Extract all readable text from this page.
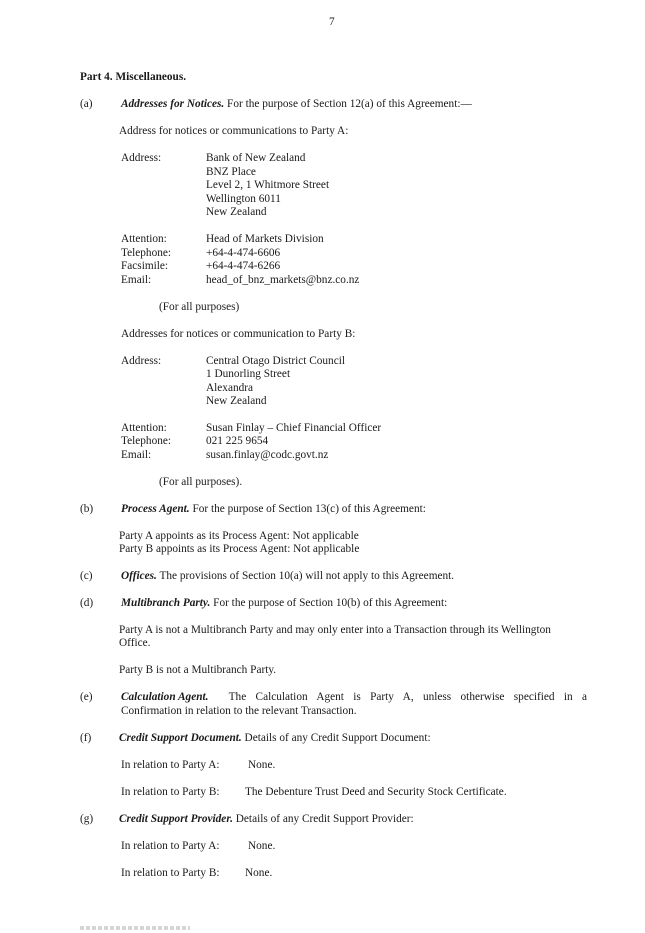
7
Part 4. Miscellaneous.
(a)	Addresses for Notices. For the purpose of Section 12(a) of this Agreement:—
Address for notices or communications to Party A:
Address:	Bank of New Zealand
BNZ Place
Level 2, 1 Whitmore Street
Wellington 6011
New Zealand
Attention:	Head of Markets Division
Telephone:	+64-4-474-6606
Facsimile:	+64-4-474-6266
Email:	head_of_bnz_markets@bnz.co.nz
(For all purposes)
Addresses for notices or communication to Party B:
Address:	Central Otago District Council
1 Dunorling Street
Alexandra
New Zealand
Attention:	Susan Finlay – Chief Financial Officer
Telephone:	021 225 9654
Email:	susan.finlay@codc.govt.nz
(For all purposes).
(b) Process Agent. For the purpose of Section 13(c) of this Agreement:
Party A appoints as its Process Agent: Not applicable
Party B appoints as its Process Agent: Not applicable
(c)	Offices. The provisions of Section 10(a) will not apply to this Agreement.
(d) Multibranch Party. For the purpose of Section 10(b) of this Agreement:
Party A is not a Multibranch Party and may only enter into a Transaction through its Wellington
Office.
Party B is not a Multibranch Party.
(e)	Calculation Agent. The Calculation Agent is Party A, unless otherwise specified in a
Confirmation in relation to the relevant Transaction.
(f) Credit Support Document. Details of any Credit Support Document:
In relation to Party A:	None.
In relation to Party B: The Debenture Trust Deed and Security Stock Certificate.
(g) Credit Support Provider. Details of any Credit Support Provider:
In relation to Party A:	None.
In relation to Party B: None.
